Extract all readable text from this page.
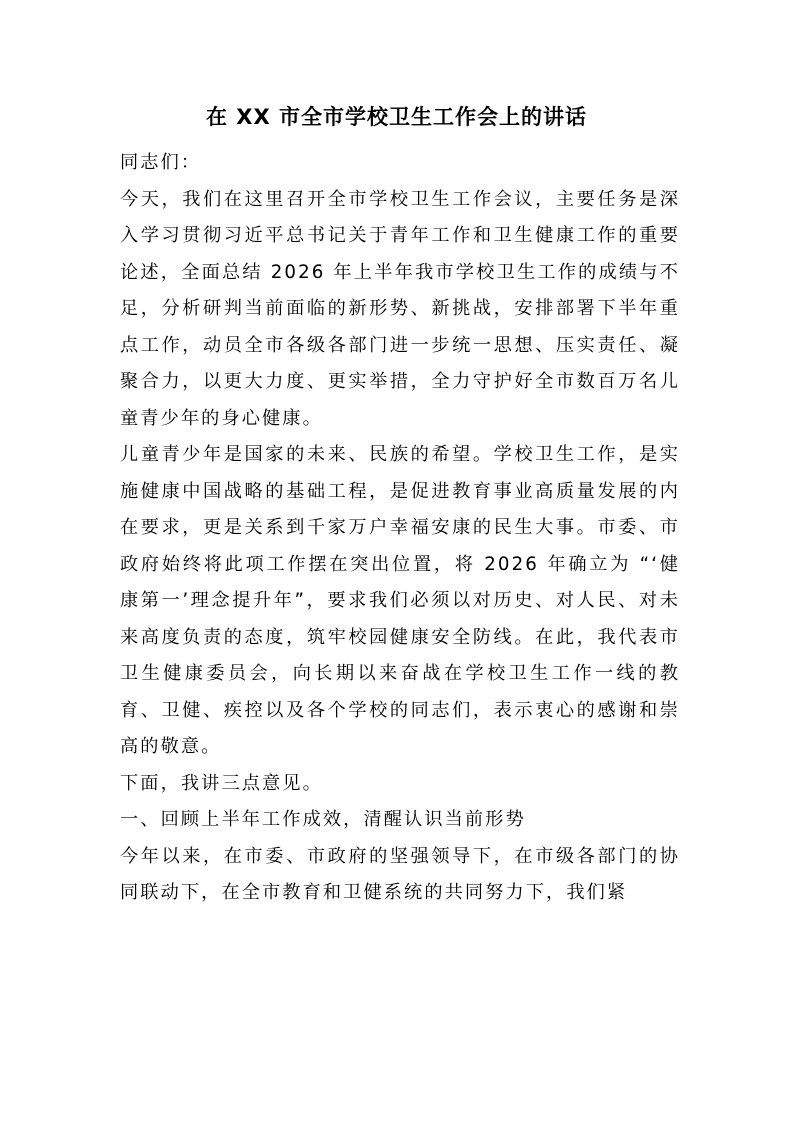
在 XX 市全市学校卫生工作会上的讲话

同志们：

今天，我们在这里召开全市学校卫生工作会议，主要任务是深入学习贯彻习近平总书记关于青年工作和卫生健康工作的重要论述，全面总结 2026 年上半年我市学校卫生工作的成绩与不足，分析研判当前面临的新形势、新挑战，安排部署下半年重点工作，动员全市各级各部门进一步统一思想、压实责任、凝聚合力，以更大力度、更实举措，全力守护好全市数百万名儿童青少年的身心健康。

儿童青少年是国家的未来、民族的希望。学校卫生工作，是实施健康中国战略的基础工程，是促进教育事业高质量发展的内在要求，更是关系到千家万户幸福安康的民生大事。市委、市政府始终将此项工作摆在突出位置，将 2026 年确立为 “‘健康第一’理念提升年”，要求我们必须以对历史、对人民、对未来高度负责的态度，筑牢校园健康安全防线。在此，我代表市卫生健康委员会，向长期以来奋战在学校卫生工作一线的教育、卫健、疾控以及各个学校的同志们，表示衷心的感谢和崇高的敬意。

下面，我讲三点意见。

一、回顾上半年工作成效，清醒认识当前形势

今年以来，在市委、市政府的坚强领导下，在市级各部门的协同联动下，在全市教育和卫健系统的共同努力下，我们紧
